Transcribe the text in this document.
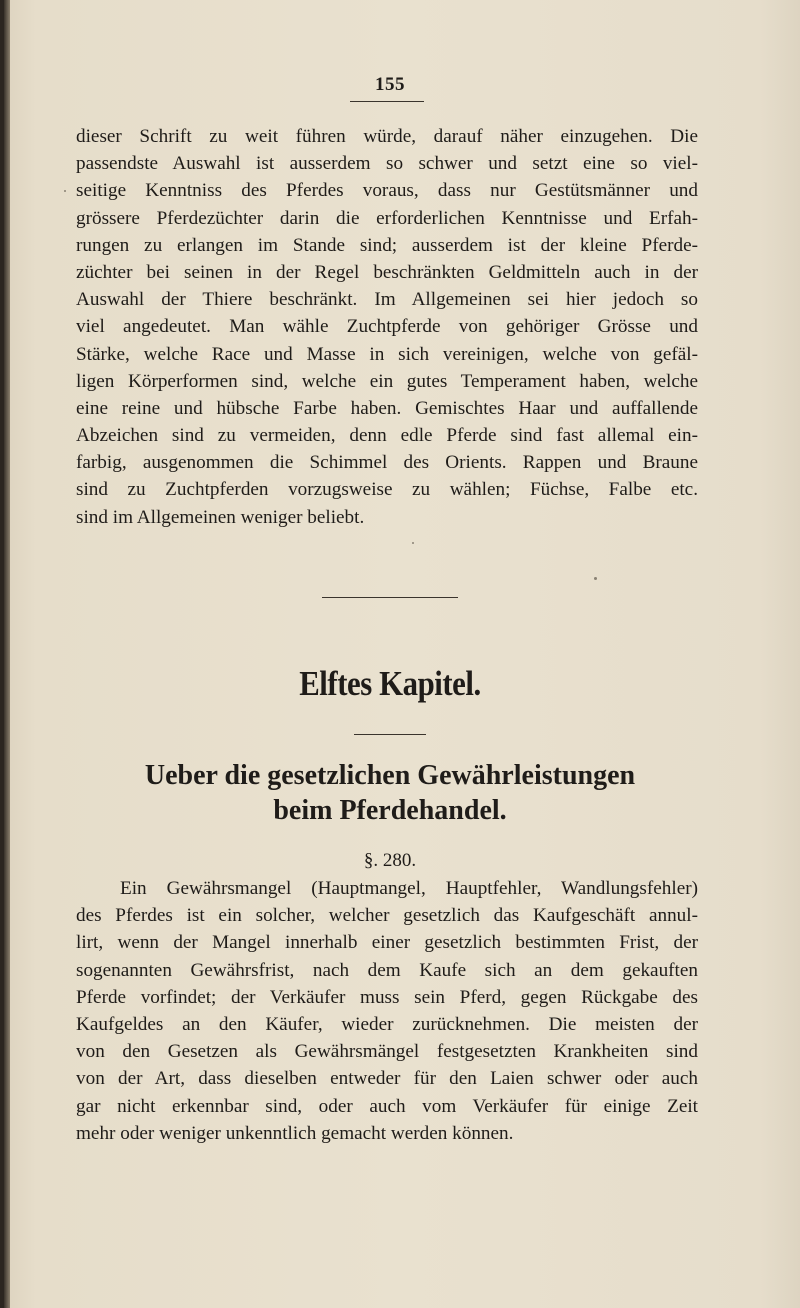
155
dieser Schrift zu weit führen würde, darauf näher einzugehen. Die
passendste Auswahl ist ausserdem so schwer und setzt eine so viel-
seitige Kenntniss des Pferdes voraus, dass nur Gestütsmänner und
grössere Pferdezüchter darin die erforderlichen Kenntnisse und Erfah-
rungen zu erlangen im Stande sind; ausserdem ist der kleine Pferde-
züchter bei seinen in der Regel beschränkten Geldmitteln auch in der
Auswahl der Thiere beschränkt. Im Allgemeinen sei hier jedoch so
viel angedeutet. Man wähle Zuchtpferde von gehöriger Grösse und
Stärke, welche Race und Masse in sich vereinigen, welche von gefäl-
ligen Körperformen sind, welche ein gutes Temperament haben, welche
eine reine und hübsche Farbe haben. Gemischtes Haar und auffallende
Abzeichen sind zu vermeiden, denn edle Pferde sind fast allemal ein-
farbig, ausgenommen die Schimmel des Orients. Rappen und Braune
sind zu Zuchtpferden vorzugsweise zu wählen; Füchse, Falbe etc.
sind im Allgemeinen weniger beliebt.
Elftes Kapitel.
Ueber die gesetzlichen Gewährleistungen
beim Pferdehandel.
§. 280.
Ein Gewährsmangel (Hauptmangel, Hauptfehler, Wandlungsfehler)
des Pferdes ist ein solcher, welcher gesetzlich das Kaufgeschäft annul-
lirt, wenn der Mangel innerhalb einer gesetzlich bestimmten Frist, der
sogenannten Gewährsfrist, nach dem Kaufe sich an dem gekauften
Pferde vorfindet; der Verkäufer muss sein Pferd, gegen Rückgabe des
Kaufgeldes an den Käufer, wieder zurücknehmen. Die meisten der
von den Gesetzen als Gewährsmängel festgesetzten Krankheiten sind
von der Art, dass dieselben entweder für den Laien schwer oder auch
gar nicht erkennbar sind, oder auch vom Verkäufer für einige Zeit
mehr oder weniger unkenntlich gemacht werden können.
